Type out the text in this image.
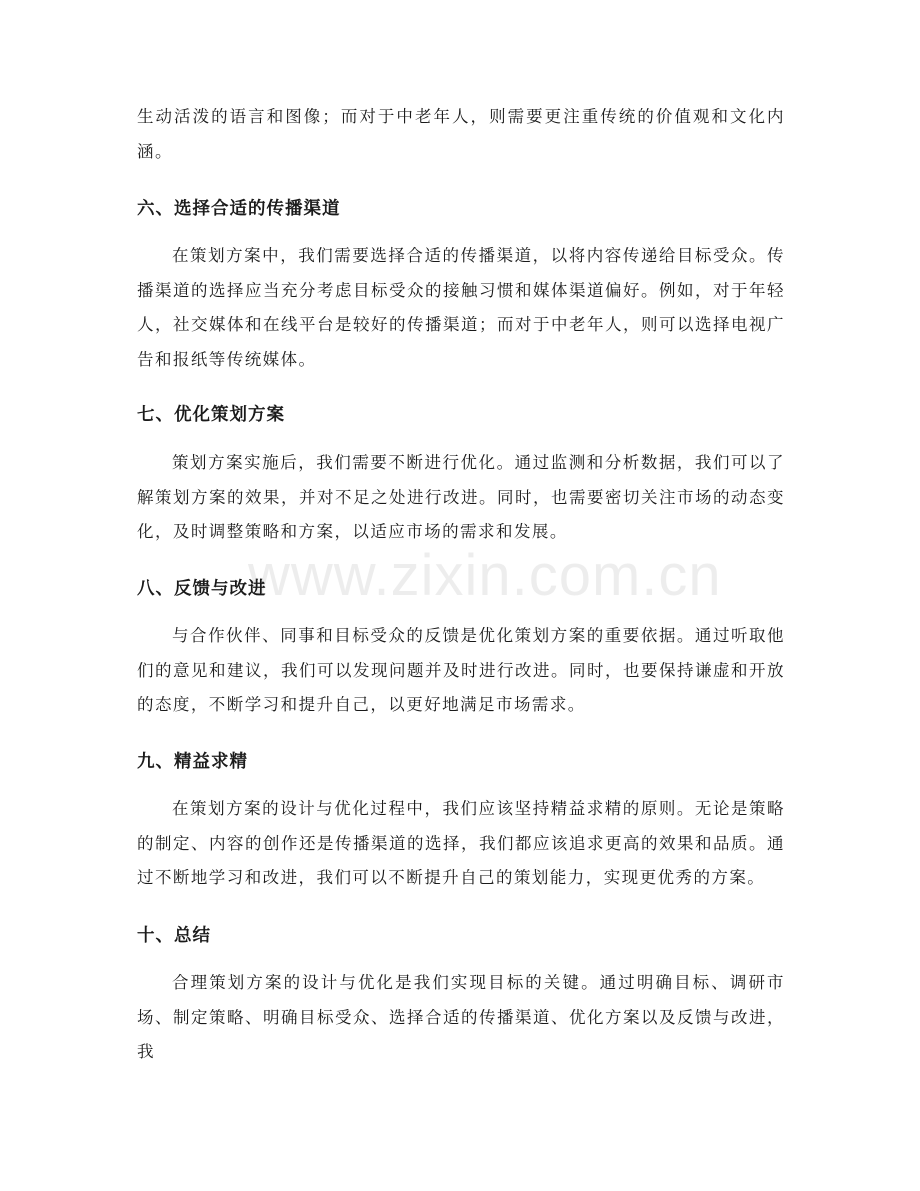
www.zixin.com.cn
生动活泼的语言和图像；而对于中老年人，则需要更注重传统的价值观和文化内涵。
六、选择合适的传播渠道
在策划方案中，我们需要选择合适的传播渠道，以将内容传递给目标受众。传播渠道的选择应当充分考虑目标受众的接触习惯和媒体渠道偏好。例如，对于年轻人，社交媒体和在线平台是较好的传播渠道；而对于中老年人，则可以选择电视广告和报纸等传统媒体。
七、优化策划方案
策划方案实施后，我们需要不断进行优化。通过监测和分析数据，我们可以了解策划方案的效果，并对不足之处进行改进。同时，也需要密切关注市场的动态变化，及时调整策略和方案，以适应市场的需求和发展。
八、反馈与改进
与合作伙伴、同事和目标受众的反馈是优化策划方案的重要依据。通过听取他们的意见和建议，我们可以发现问题并及时进行改进。同时，也要保持谦虚和开放的态度，不断学习和提升自己，以更好地满足市场需求。
九、精益求精
在策划方案的设计与优化过程中，我们应该坚持精益求精的原则。无论是策略的制定、内容的创作还是传播渠道的选择，我们都应该追求更高的效果和品质。通过不断地学习和改进，我们可以不断提升自己的策划能力，实现更优秀的方案。
十、总结
合理策划方案的设计与优化是我们实现目标的关键。通过明确目标、调研市场、制定策略、明确目标受众、选择合适的传播渠道、优化方案以及反馈与改进，我
